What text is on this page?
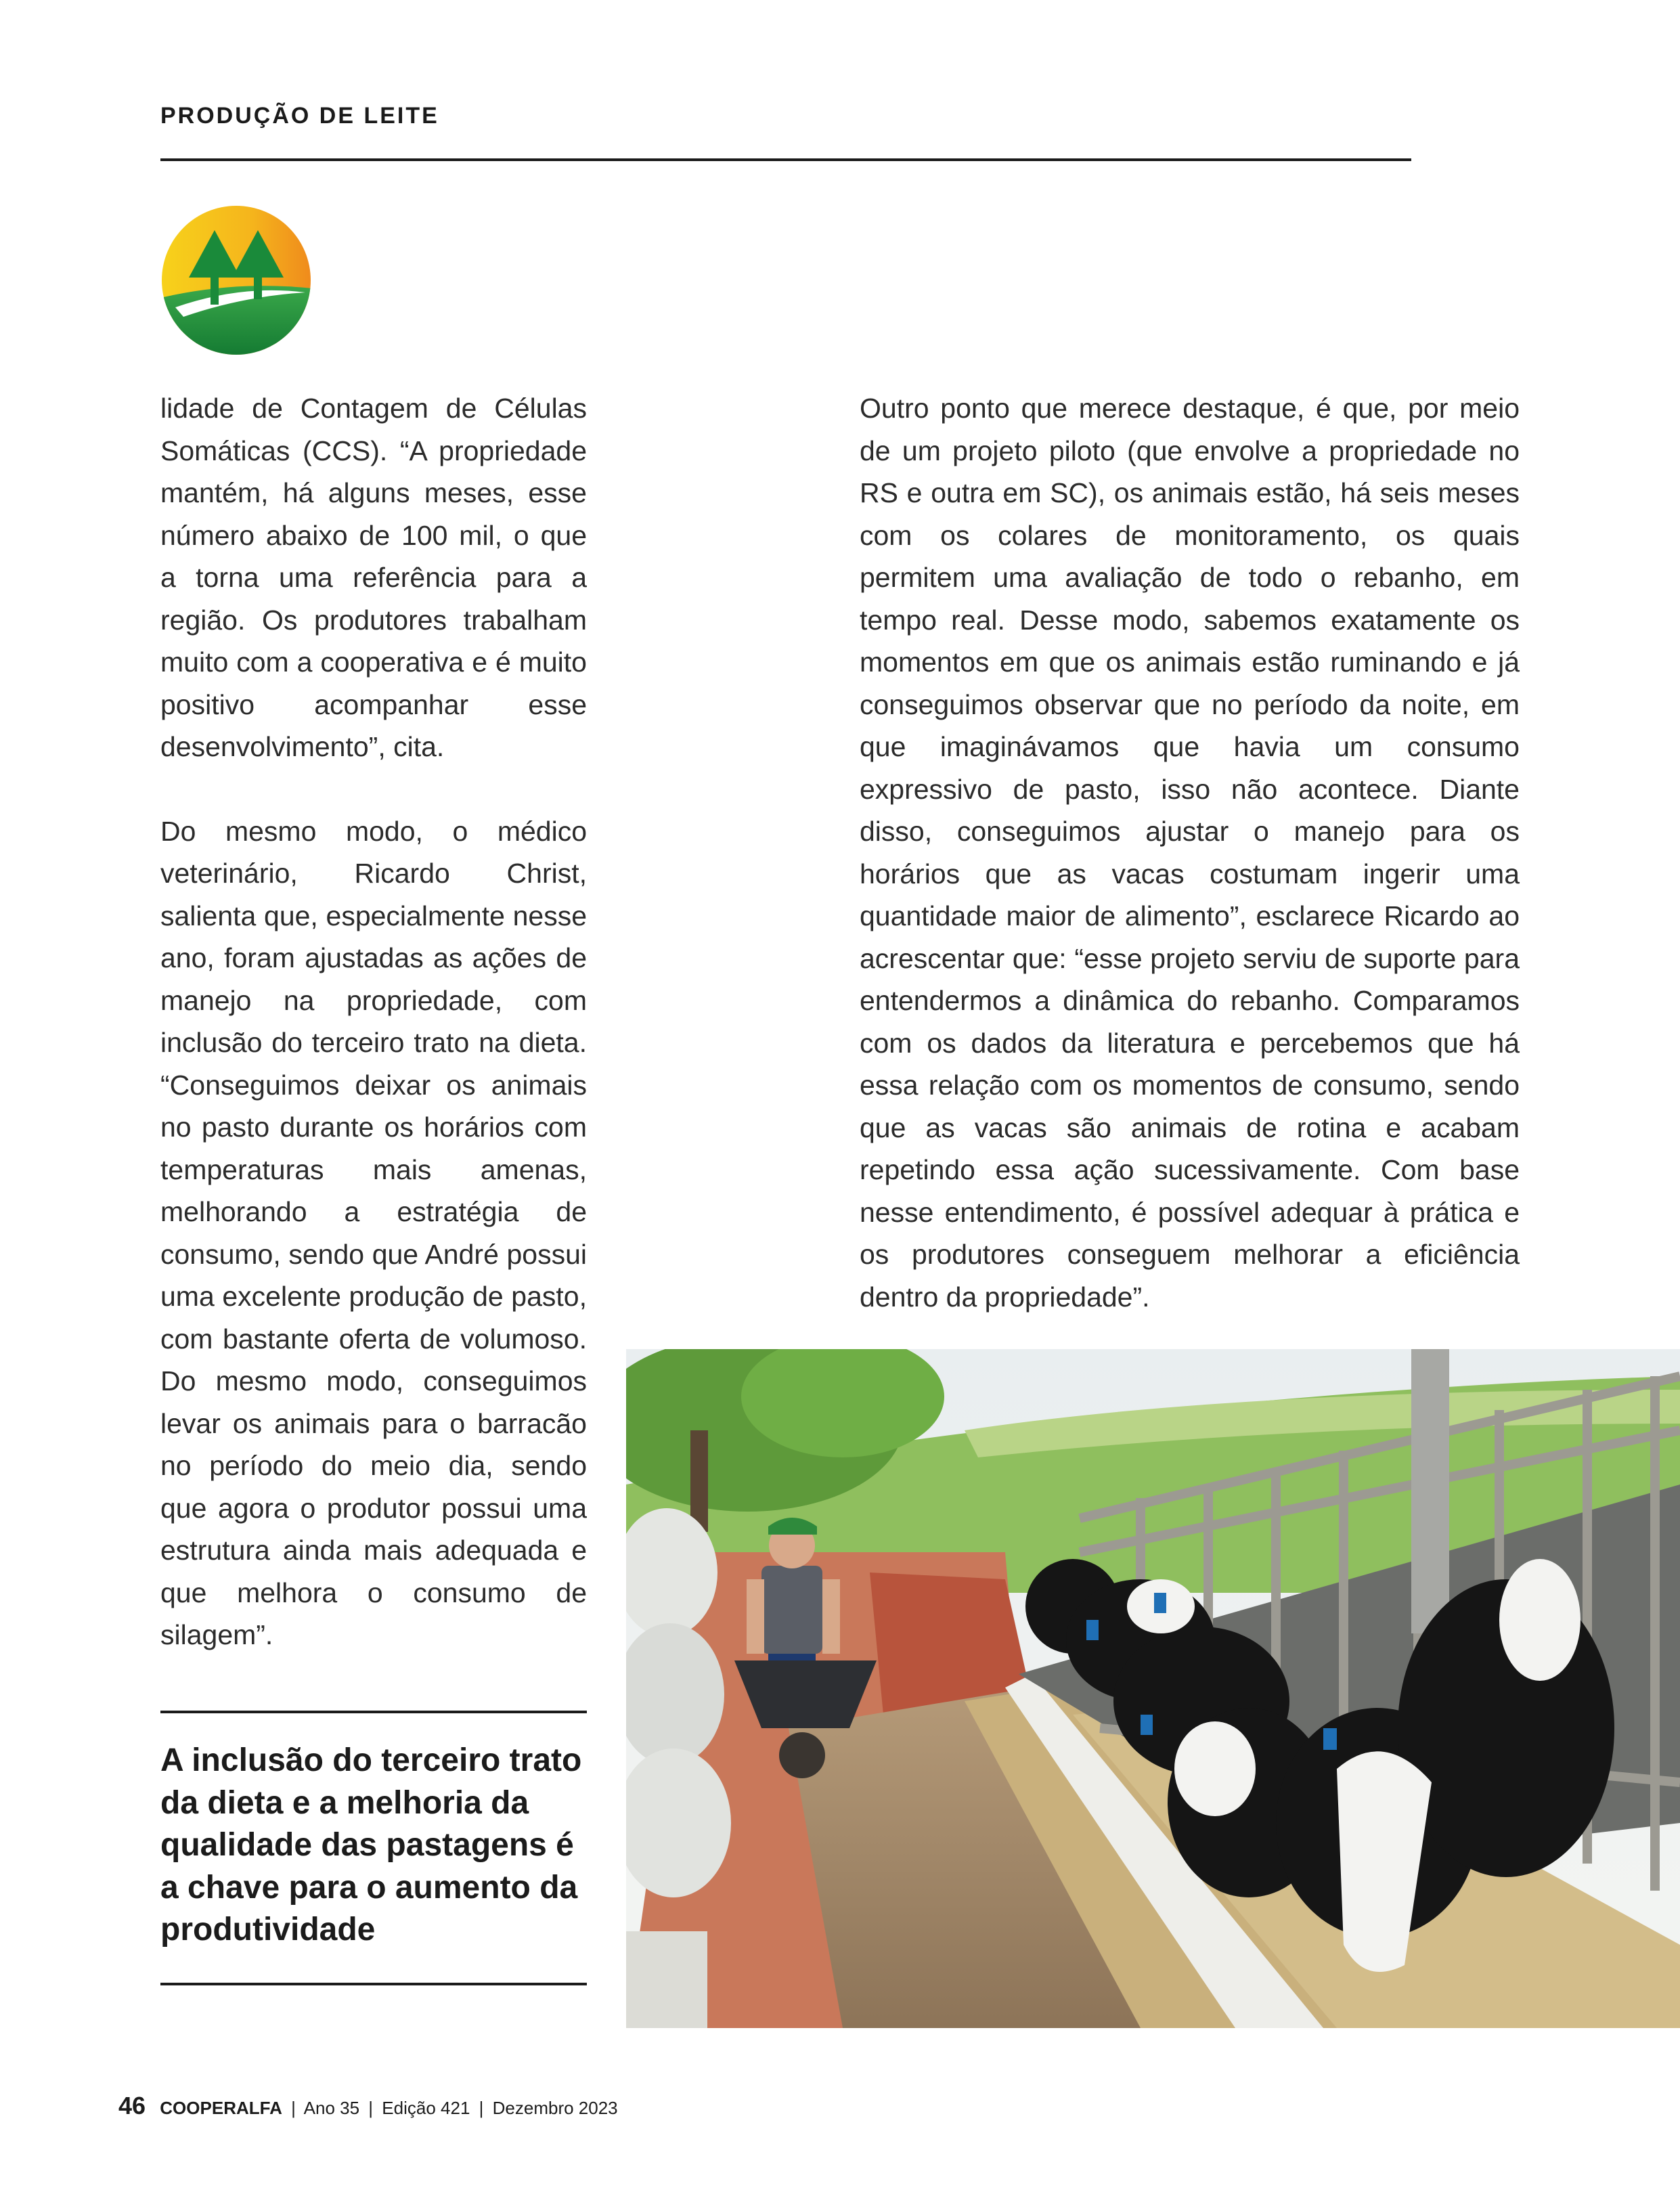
PRODUÇÃO DE LEITE

lidade de Contagem de Células Somáticas (CCS). “A propriedade mantém, há alguns meses, esse número abaixo de 100 mil, o que a torna uma referência para a região. Os produtores trabalham muito com a cooperativa e é muito positivo acompanhar esse desenvolvimento”, cita.

Do mesmo modo, o médico veterinário, Ricardo Christ, salienta que, especialmente nesse ano, foram ajustadas as ações de manejo na propriedade, com inclusão do terceiro trato na dieta. “Conseguimos deixar os animais no pasto durante os horários com temperaturas mais amenas, melhorando a estratégia de consumo, sendo que André possui uma excelente produção de pasto, com bastante oferta de volumoso. Do mesmo modo, conseguimos levar os animais para o barracão no período do meio dia, sendo que agora o produtor possui uma estrutura ainda mais adequada e que melhora o consumo de silagem”.

Outro ponto que merece destaque, é que, por meio de um projeto piloto (que envolve a propriedade no RS e outra em SC), os animais estão, há seis meses com os colares de monitoramento, os quais permitem uma avaliação de todo o rebanho, em tempo real. Desse modo, sabemos exatamente os momentos em que os animais estão ruminando e já conseguimos observar que no período da noite, em que imaginávamos que havia um consumo expressivo de pasto, isso não acontece. Diante disso, conseguimos ajustar o manejo para os horários que as vacas costumam ingerir uma quantidade maior de alimento”, esclarece Ricardo ao acrescentar que: “esse projeto serviu de suporte para entendermos a dinâmica do rebanho. Comparamos com os dados da literatura e percebemos que há essa relação com os momentos de consumo, sendo que as vacas são animais de rotina e acabam repetindo essa ação sucessivamente. Com base nesse entendimento, é possível adequar à prática e os produtores conseguem melhorar a eficiência dentro da propriedade”.

A inclusão do terceiro trato da dieta e a melhoria da qualidade das pastagens é a chave para o aumento da produtividade

46 COOPERALFA | Ano 35 | Edição 421 | Dezembro 2023
